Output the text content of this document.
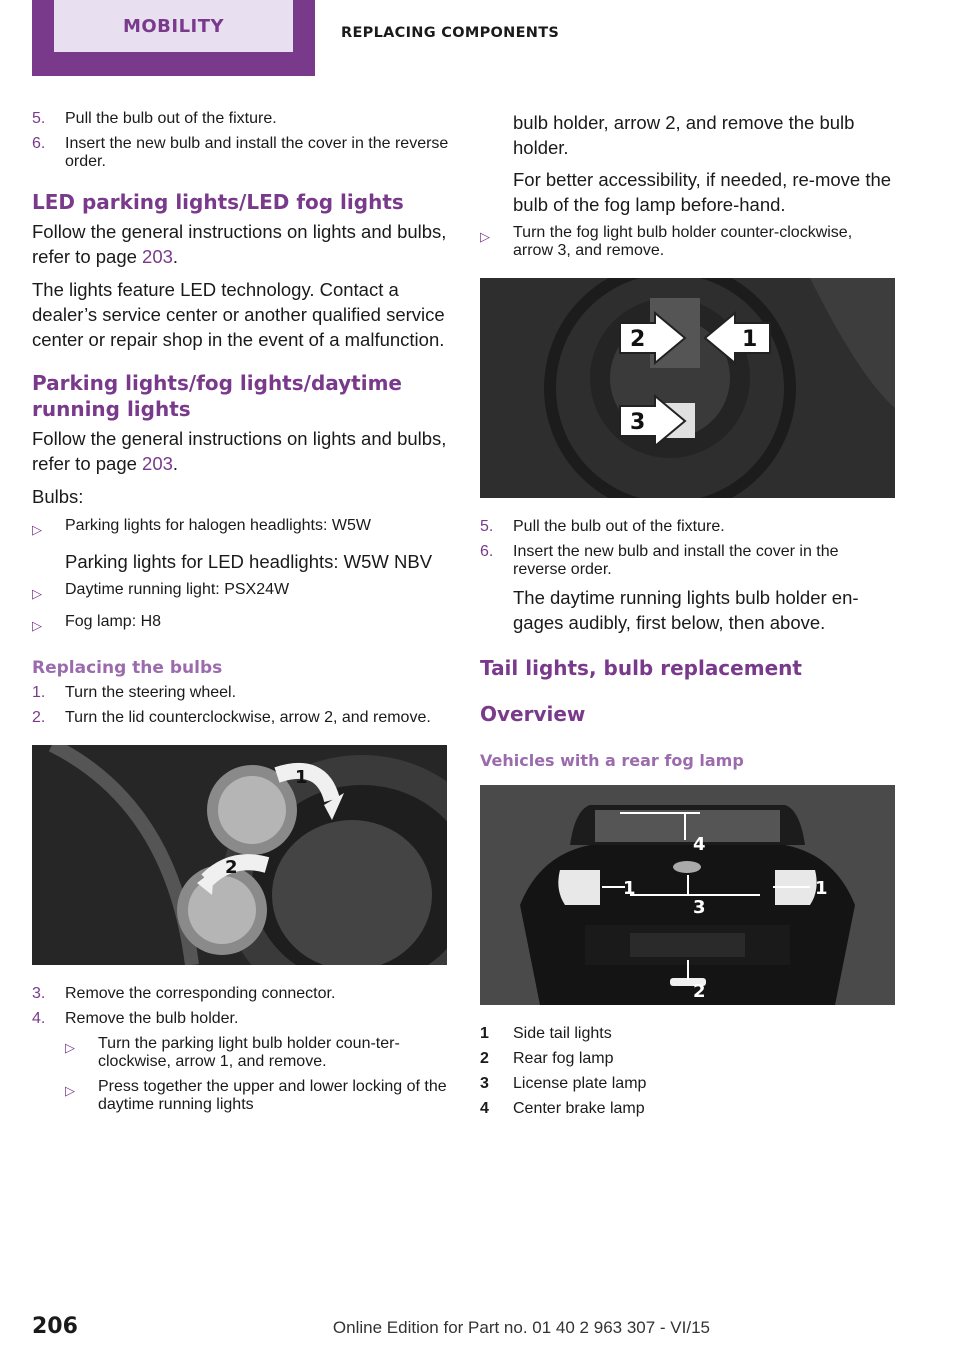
MOBILITY	REPLACING COMPONENTS
5.	Pull the bulb out of the fixture.
6.	Insert the new bulb and install the cover in the reverse order.
LED parking lights/LED fog lights

Follow the general instructions on lights and bulbs, refer to page 203.

The lights feature LED technology. Contact a dealer’s service center or another qualified service center or repair shop in the event of a malfunction.

Parking lights/fog lights/daytime running lights

Follow the general instructions on lights and bulbs, refer to page 203.

Bulbs:

▷	Parking lights for halogen headlights: W5W

Parking lights for LED headlights: W5W NBV

▷	Daytime running light: PSX24W
▷	Fog lamp: H8
Replacing the bulbs
1.	Turn the steering wheel.
2.	Turn the lid counterclockwise, arrow 2, and remove.
1
2
3.	Remove the corresponding connector.
4.	Remove the bulb holder.
▷	Turn the parking light bulb holder coun‐ter-clockwise, arrow 1, and remove.
▷	Press together the upper and lower locking of the daytime running lights

bulb holder, arrow 2, and remove the bulb holder.

For better accessibility, if needed, re‐move the bulb of the fog lamp before‐hand.

▷	Turn the fog light bulb holder counter‐clockwise, arrow 3, and remove.
2	1
3
5.	Pull the bulb out of the fixture.
6.	Insert the new bulb and install the cover in the reverse order.

The daytime running lights bulb holder en‐gages audibly, first below, then above.

Tail lights, bulb replacement
Overview
Vehicles with a rear fog lamp
4
1	1
3
2
1	Side tail lights
2	Rear fog lamp
3	License plate lamp
4	Center brake lamp
206	Online Edition for Part no. 01 40 2 963 307 - VI/15
